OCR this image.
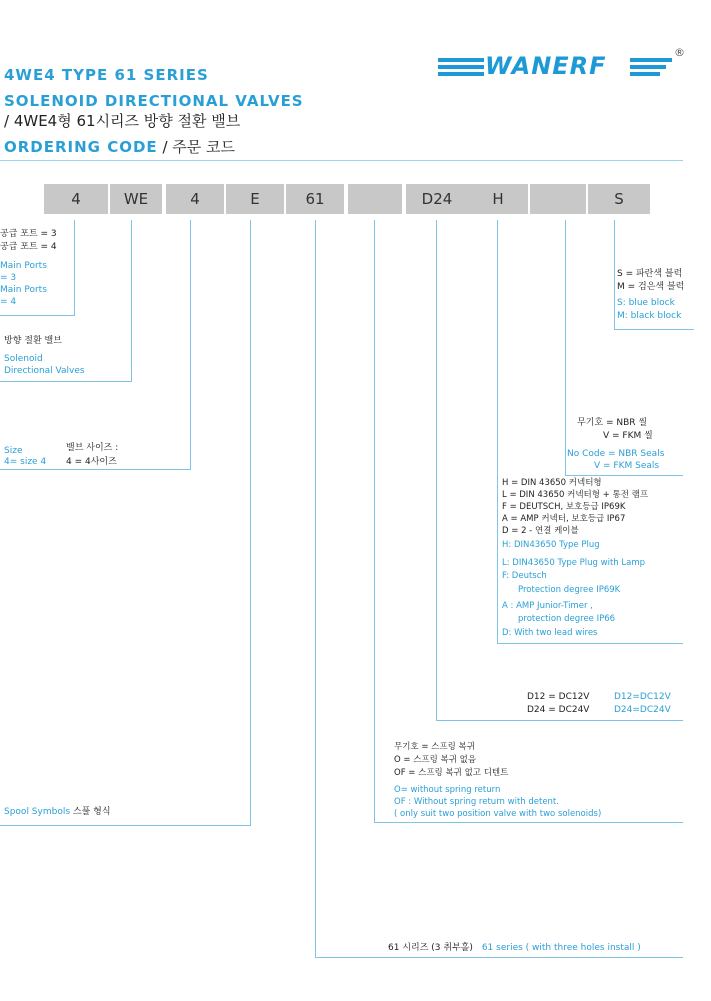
4WE4 TYPE 61 SERIES
SOLENOID DIRECTIONAL VALVES
/ 4WE4형 61시리즈 방향 절환 밸브
ORDERING CODE / 주문 코드
WANERF	®
4	WE	4	E	61	D24	H	S
공급 포트 = 3
공급 포트 = 4
Main Ports
= 3
Main Ports
= 4
방향 절환 밸브
Solenoid
Directional Valves
Size
4= size 4
밸브 사이즈 :
4 = 4사이즈
Spool Symbols 스풀 형식
S = 파란색 블럭
M = 검은색 블럭
S: blue block
M: black block
무기호 = NBR 씰
V = FKM 씰
No Code = NBR Seals
V = FKM Seals
H = DIN 43650 커넥터형
L = DIN 43650 커넥터형 + 통전 램프
F = DEUTSCH, 보호등급 IP69K
A = AMP 커넥터, 보호등급 IP67
D = 2 - 연결 케이블
H: DIN43650 Type Plug
L: DIN43650 Type Plug with Lamp
F: Deutsch
Protection degree IP69K
A : AMP Junior-Timer ,
protection degree IP66
D: With two lead wires
D12 = DC12V
D24 = DC24V
D12=DC12V
D24=DC24V
무기호 = 스프링 복귀
O = 스프링 복귀 없음
OF = 스프링 복귀 없고 디텐트
O= without spring return
OF : Without spring return with detent.
( only suit two position valve with two solenoids)
61 시리즈 (3 취부홀) 61 series ( with three holes install )
